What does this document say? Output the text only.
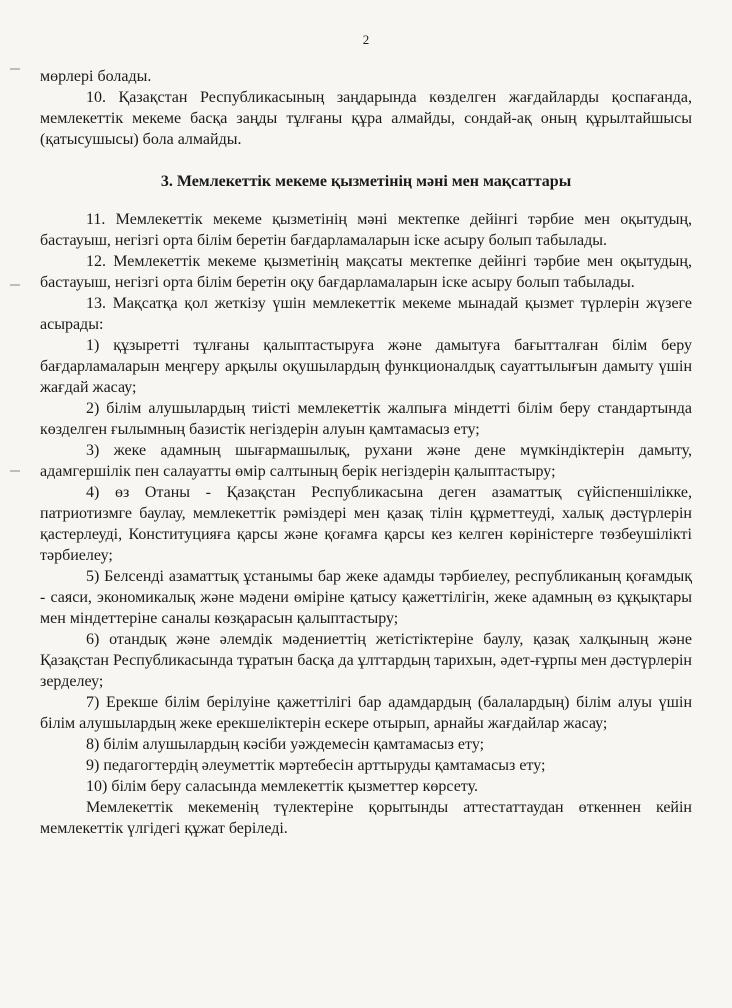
2

мөрлері болады.

10. Қазақстан Республикасының заңдарында көзделген жағдайларды қоспағанда, мемлекеттік мекеме басқа заңды тұлғаны құра алмайды, сондай-ақ оның құрылтайшысы (қатысушысы) бола алмайды.

3. Мемлекеттік мекеме қызметінің мәні мен мақсаттары

11. Мемлекеттік мекеме қызметінің мәні мектепке дейінгі тәрбие мен оқытудың, бастауыш, негізгі орта білім беретін бағдарламаларын іске асыру болып табылады.

12. Мемлекеттік мекеме қызметінің мақсаты мектепке дейінгі тәрбие мен оқытудың, бастауыш, негізгі орта білім беретін оқу бағдарламаларын іске асыру болып табылады.

13. Мақсатқа қол жеткізу үшін мемлекеттік мекеме мынадай қызмет түрлерін жүзеге асырады:

1) құзыретті тұлғаны қалыптастыруға және дамытуға бағытталған білім беру бағдарламаларын меңгеру арқылы оқушылардың функционалдық сауаттылығын дамыту үшін жағдай жасау;

2) білім алушылардың тиісті мемлекеттік жалпыға міндетті білім беру стандартында көзделген ғылымның базистік негіздерін алуын қамтамасыз ету;

3) жеке адамның шығармашылық, рухани және дене мүмкіндіктерін дамыту, адамгершілік пен салауатты өмір салтының берік негіздерін қалыптастыру;

4) өз Отаны - Қазақстан Республикасына деген азаматтық сүйіспеншілікке, патриотизмге баулау, мемлекеттік рәміздері мен қазақ тілін құрметтеуді, халық дәстүрлерін қастерлеуді, Конституцияға қарсы және қоғамға қарсы кез келген көріністерге төзбеушілікті тәрбиелеу;

5) Белсенді азаматтық ұстанымы бар жеке адамды тәрбиелеу, республиканың қоғамдық - саяси, экономикалық және мәдени өміріне қатысу қажеттілігін, жеке адамның өз құқықтары мен міндеттеріне саналы көзқарасын қалыптастыру;

6) отандық және әлемдік мәдениеттің жетістіктеріне баулу, қазақ халқының және Қазақстан Республикасында тұратын басқа да ұлттардың тарихын, әдет-ғұрпы мен дәстүрлерін зерделеу;

7) Ерекше білім берілуіне қажеттілігі бар адамдардың (балалардың) білім алуы үшін білім алушылардың жеке ерекшеліктерін ескере отырып, арнайы жағдайлар жасау;

8) білім алушылардың кәсіби уәждемесін қамтамасыз ету;

9) педагогтердің әлеуметтік мәртебесін арттыруды қамтамасыз ету;

10) білім беру саласында мемлекеттік қызметтер көрсету.

Мемлекеттік мекеменің түлектеріне қорытынды аттестаттаудан өткеннен кейін мемлекеттік үлгідегі құжат беріледі.
